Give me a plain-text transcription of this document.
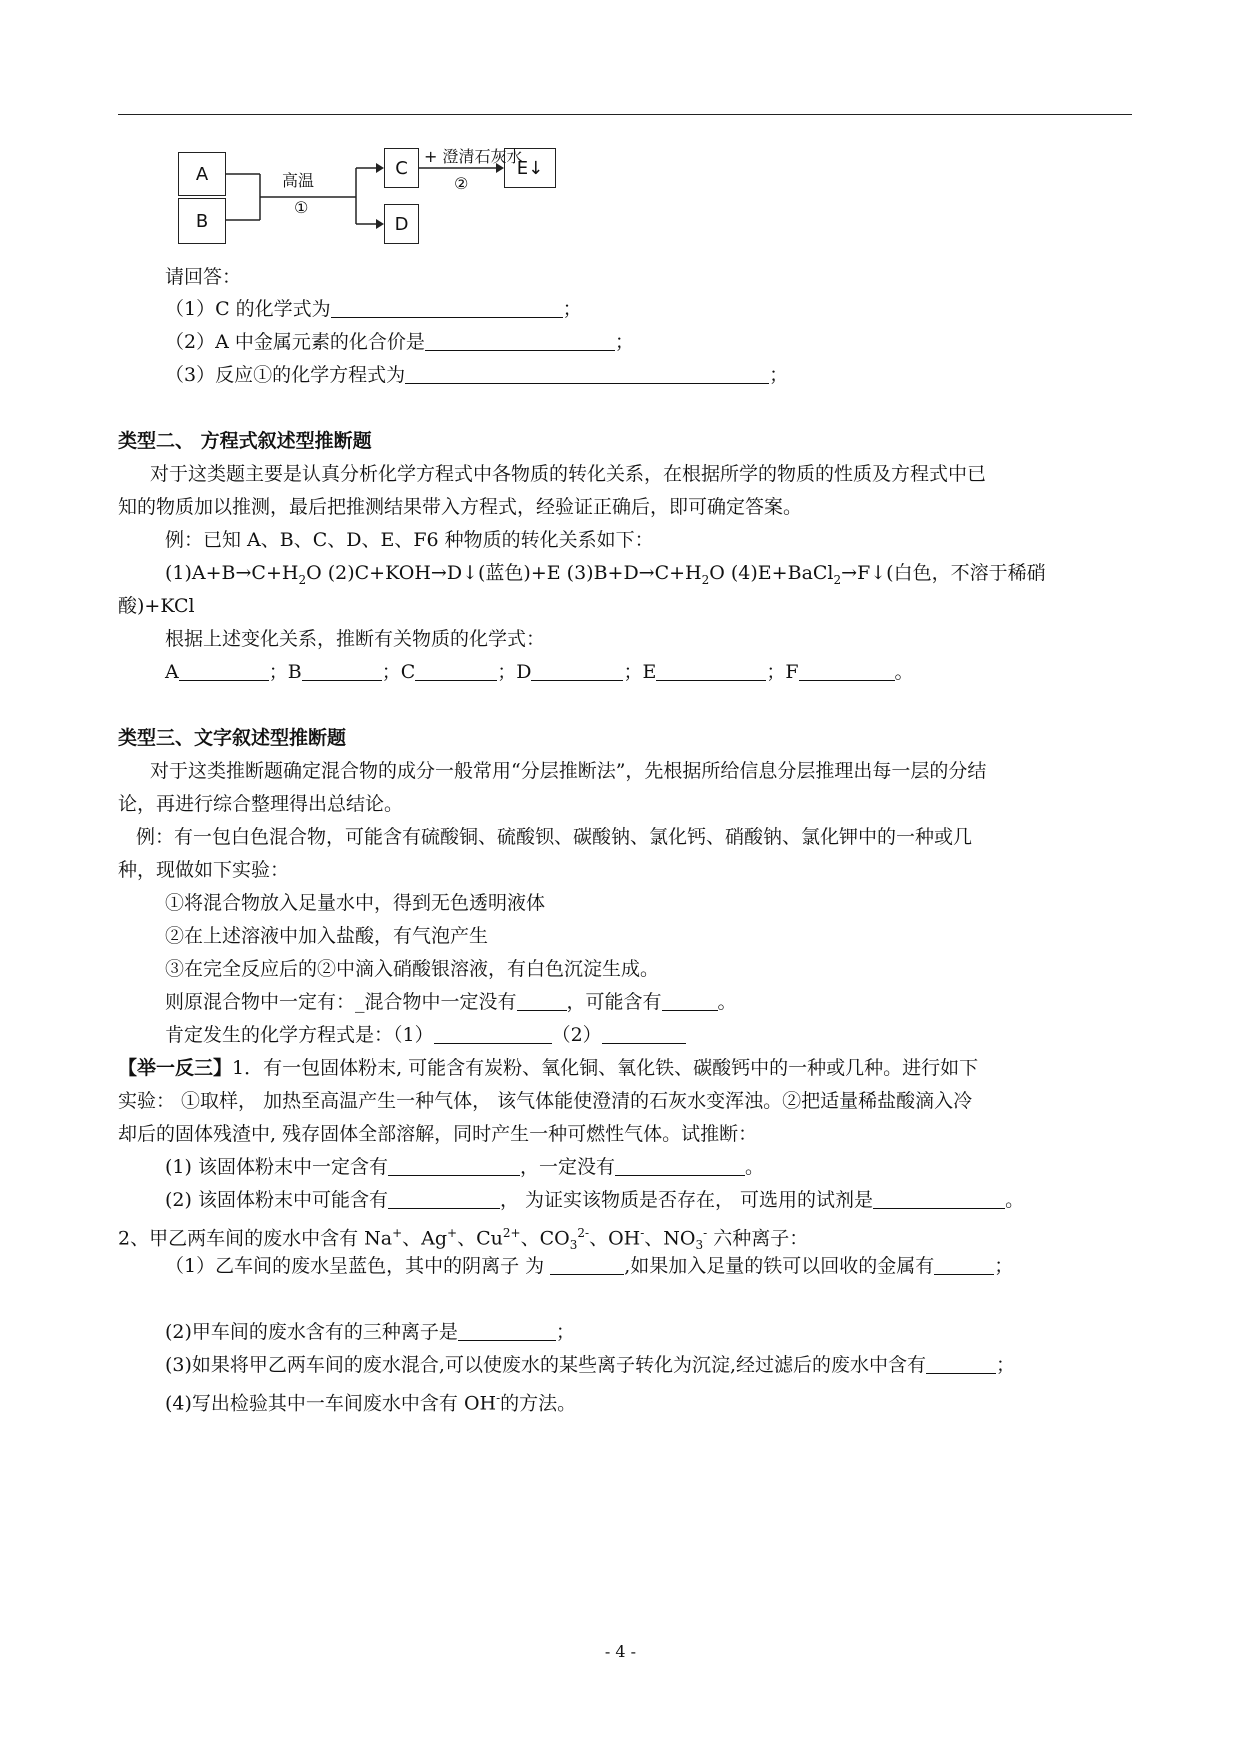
A
B
C
D
E↓
高温
①
+ 澄清石灰水
②
请回答：
（1）C 的化学式为	；
（2）A 中金属元素的化合价是	；
（3）反应①的化学方程式为	；
类型二、 方程式叙述型推断题
对于这类题主要是认真分析化学方程式中各物质的转化关系，在根据所学的物质的性质及方程式中已
知的物质加以推测，最后把推测结果带入方程式，经验证正确后，即可确定答案。
例：已知 A、B、C、D、E、F6 种物质的转化关系如下：
$(1)A+B\to C+H_2O$ (2)C+KOH→D↓(蓝色)+E $(3)B+D\to C+H_2O$ (4)E+BaCl$_2$→F↓(白色，不溶于稀硝
酸)+KCl
根据上述变化关系，推断有关物质的化学式：
A	；B	；C	；D	；E	；F	。
类型三、文字叙述型推断题
对于这类推断题确定混合物的成分一般常用“分层推断法”，先根据所给信息分层推理出每一层的分结
论，再进行综合整理得出总结论。
例：有一包白色混合物，可能含有硫酸铜、硫酸钡、碳酸钠、氯化钙、硝酸钠、氯化钾中的一种或几
种，现做如下实验：
①将混合物放入足量水中，得到无色透明液体
②在上述溶液中加入盐酸，有气泡产生
③在完全反应后的②中滴入硝酸银溶液，有白色沉淀生成。
则原混合物中一定有：_混合物中一定没有	，可能含有	。
肯定发生的化学方程式是：（1）	（2）
【举一反三】1．有一包固体粉末, 可能含有炭粉、氧化铜、氧化铁、碳酸钙中的一种或几种。进行如下
实验： ①取样， 加热至高温产生一种气体， 该气体能使澄清的石灰水变浑浊。②把适量稀盐酸滴入冷
却后的固体残渣中, 残存固体全部溶解，同时产生一种可燃性气体。试推断：
(1) 该固体粉末中一定含有	，一定没有	。
(2) 该固体粉末中可能含有	， 为证实该物质是否存在， 可选用的试剂是	。
2、甲乙两车间的废水中含有 Na+、Ag+、$Cu^{2+}$、$CO_3^{2-}$、OH-、$NO_3^-$ 六种离子：
（1）乙车间的废水呈蓝色，其中的阴离子 为	,如果加入足量的铁可以回收的金属有	；
(2)甲车间的废水含有的三种离子是	；
(3)如果将甲乙两车间的废水混合,可以使废水的某些离子转化为沉淀,经过滤后的废水中含有	；
(4)写出检验其中一车间废水中含有 OH-的方法。
- 4 -
